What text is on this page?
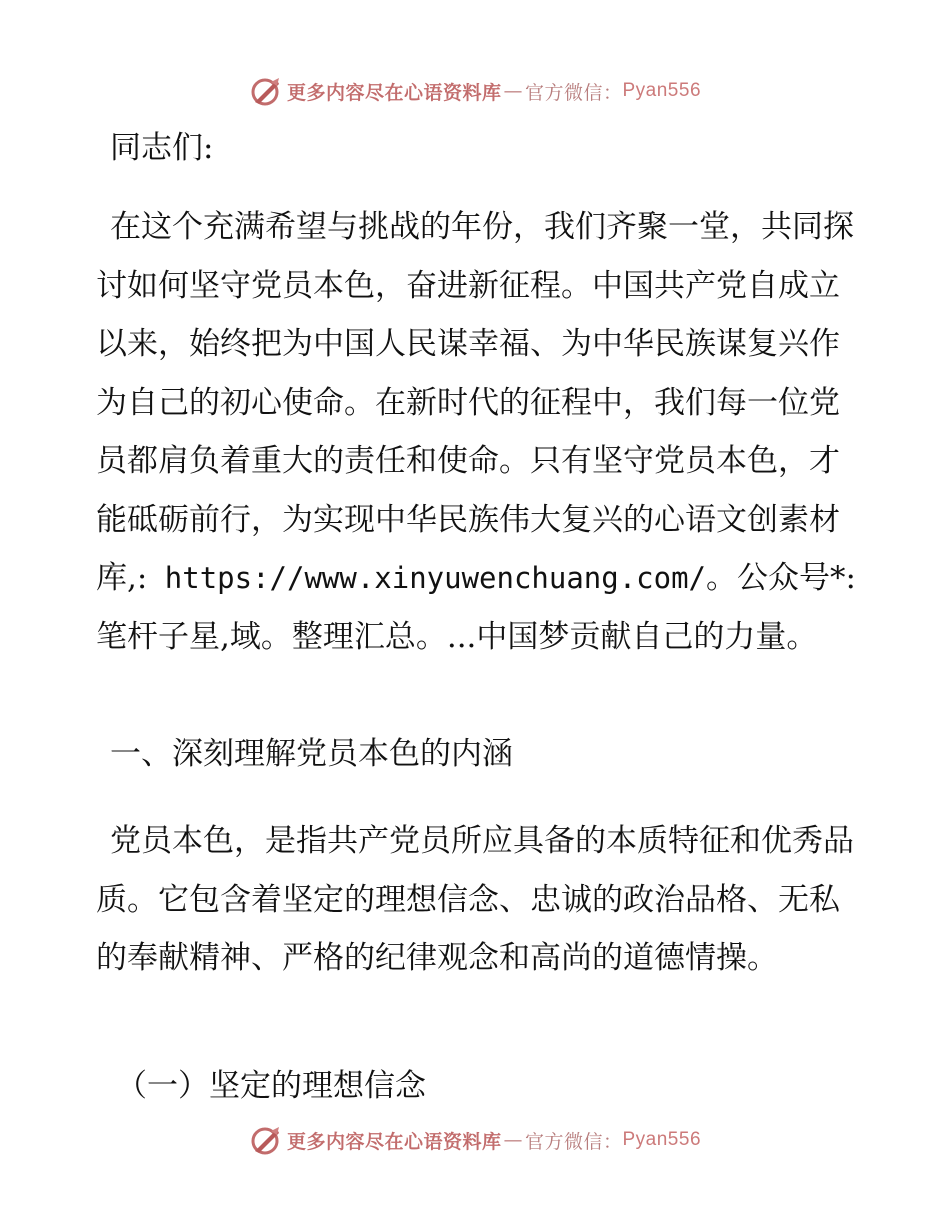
更多内容尽在心语资料库 — 官方微信： Pyan556
同志们:
在这个充满希望与挑战的年份，我们齐聚一堂，共同探讨如何坚守党员本色，奋进新征程。中国共产党自成立以来，始终把为中国人民谋幸福、为中华民族谋复兴作为自己的初心使命。在新时代的征程中，我们每一位党员都肩负着重大的责任和使命。只有坚守党员本色，才能砥砺前行，为实现中华民族伟大复兴的心语文创素材库,: https://www.xinyuwenchuang.com/。公众号*: 笔杆子星,域。整理汇总。...中国梦贡献自己的力量。
一、深刻理解党员本色的内涵
党员本色，是指共产党员所应具备的本质特征和优秀品质。它包含着坚定的理想信念、忠诚的政治品格、无私的奉献精神、严格的纪律观念和高尚的道德情操。
（一）坚定的理想信念
更多内容尽在心语资料库 — 官方微信： Pyan556
